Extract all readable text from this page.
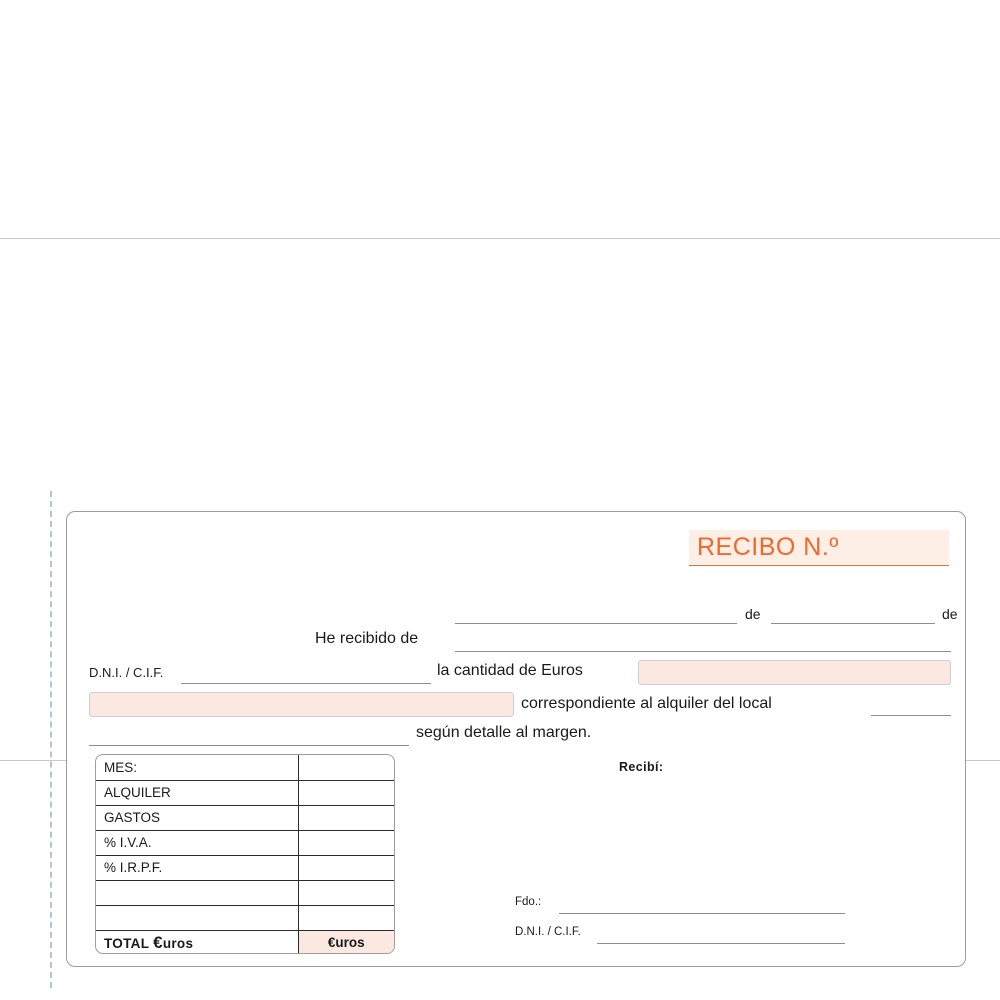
RECIBO N.º
de	de
He recibido de
D.N.I. / C.I.F.	la cantidad de Euros
correspondiente al alquiler del local
según detalle al margen.
MES:	
ALQUILER	
GASTOS	
% I.V.A.	
% I.R.P.F.	

TOTAL €uros	€uros
Recibí:
Fdo.:
D.N.I. / C.I.F.
